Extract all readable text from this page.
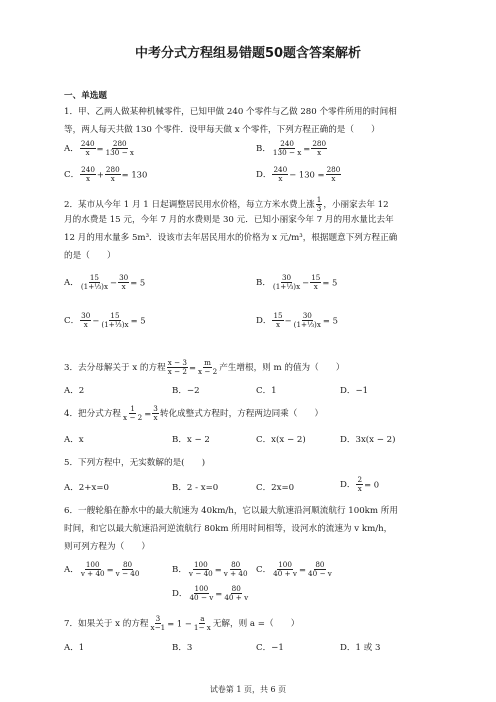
中考分式方程组易错题50题含答案解析
一、单选题
1．甲、乙两人做某种机械零件，已知甲做 240 个零件与乙做 280 个零件所用的时间相
等，两人每天共做 130 个零件．设甲每天做 x 个零件，下列方程正确的是（　　）
A． $\frac{240}{x} = \frac{280}{130 - x}$	B． $\frac{240}{130 - x} = \frac{280}{x}$
C． $\frac{240}{x} + \frac{280}{x} = 130$	D． $\frac{240}{x} - 130 = \frac{280}{x}$
2．某市从今年 1 月 1 日起调整居民用水价格，每立方米水费上涨 $\frac{1}{3}$ ，小丽家去年 12
月的水费是 15 元，今年 7 月的水费则是 30 元．已知小丽家今年 7 月的用水量比去年
12 月的用水量多 5m³．设该市去年居民用水的价格为 x 元/m³，根据题意下列方程正确
的是（　　）
A． $\frac{15}{\text{(1+⅓)x}} - \frac{30}{x} = 5$	B． $\frac{30}{\text{(1+⅓)x}} - \frac{15}{x} = 5$
C． $\frac{30}{x} - \frac{15}{\text{(1+⅓)x}} = 5$	D． $\frac{15}{x} - \frac{30}{\text{(1+⅓)x}} = 5$
3．去分母解关于 x 的方程 $\frac{x - 3}{x - 2} = \frac{m}{x - 2}$ 产生增根，则 m 的值为（　　）
A．2	B．−2	C．1	D．−1
4．把分式方程 $\frac{1}{x - 2} = \frac{3}{x}$ 转化成整式方程时，方程两边同乘（　　）
A．x	B．x − 2	C．x(x − 2)	D．3x(x − 2)
5．下列方程中，无实数解的是(　　)
A．2+x=0	B．2 - x=0	C．2x=0	D． $\frac{2}{x} = 0$
6．一艘轮船在静水中的最大航速为 40km/h，它以最大航速沿河顺流航行 100km 所用
时间，和它以最大航速沿河逆流航行 80km 所用时间相等，设河水的流速为 v km/h，
则可列方程为（　　）
A． $\frac{100}{v + 40} = \frac{80}{v - 40}$	B． $\frac{100}{v - 40} = \frac{80}{v + 40}$ C． $\frac{100}{40 + v} = \frac{80}{40 - v}$
D． $\frac{100}{40 - v} = \frac{80}{40 + v}$
7．如果关于 x 的方程 $\frac{3}{x-1} = 1 - \frac{a}{1- x}$ 无解，则 a =（　　）
A．1	B．3	C．−1	D．1 或 3
试卷第 1 页，共 6 页
